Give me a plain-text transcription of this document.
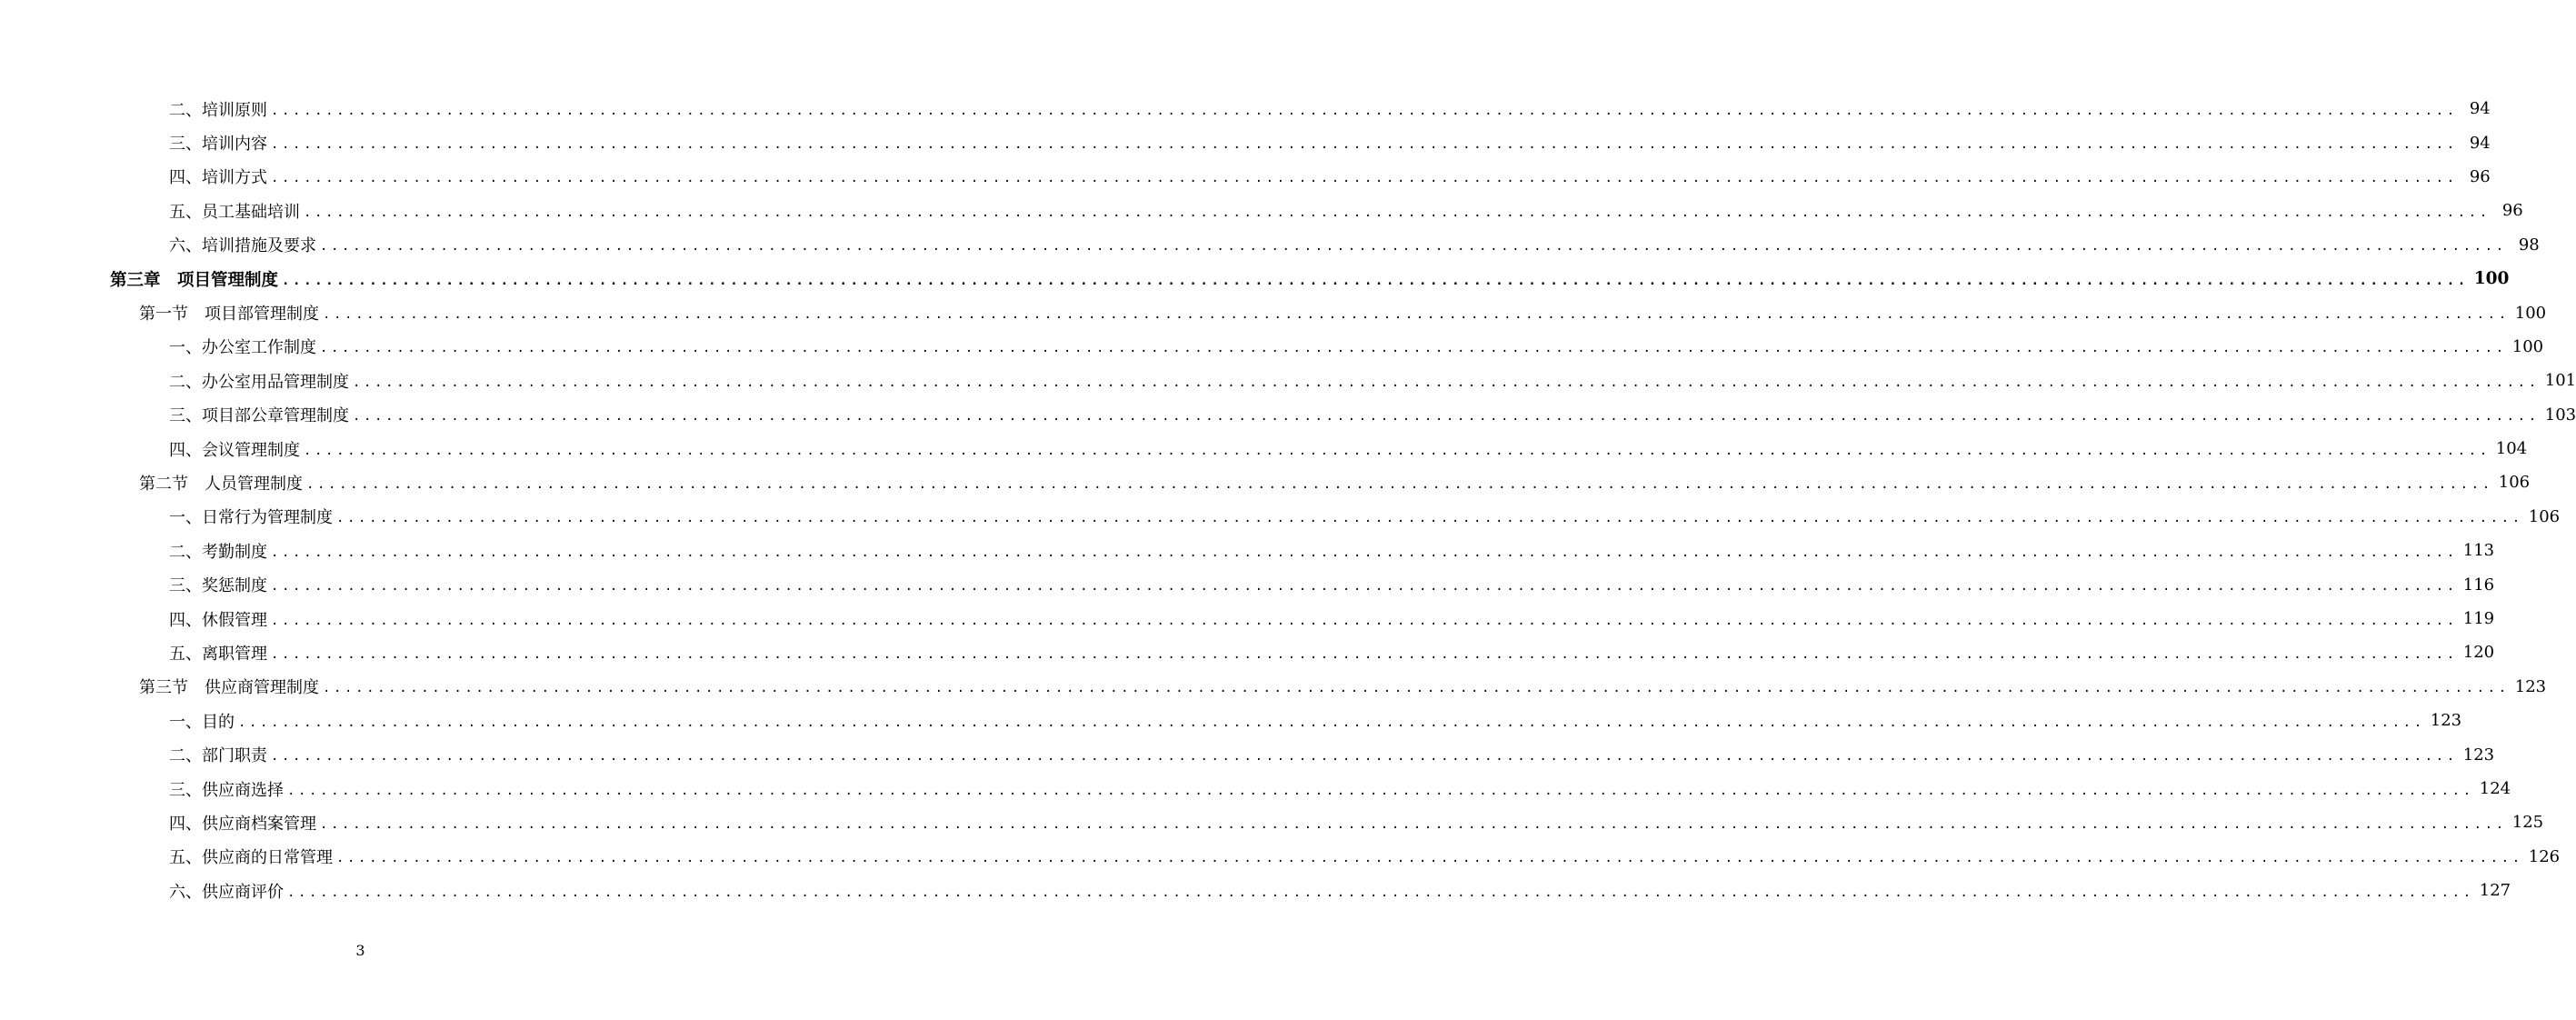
二、培训原则 ........................................................................................................................................................................................................ 94
三、培训内容 ........................................................................................................................................................................................................ 94
四、培训方式 ........................................................................................................................................................................................................ 96
五、员工基础培训 ........................................................................................................................................................................................................ 96
六、培训措施及要求 ........................................................................................................................................................................................................ 98
第三章　项目管理制度 ........................................................................................................................................................................................................ 100
第一节　项目部管理制度 ........................................................................................................................................................................................................ 100
一、办公室工作制度 ........................................................................................................................................................................................................ 100
二、办公室用品管理制度 ........................................................................................................................................................................................................ 101
三、项目部公章管理制度 ........................................................................................................................................................................................................ 103
四、会议管理制度 ........................................................................................................................................................................................................ 104
第二节　人员管理制度 ........................................................................................................................................................................................................ 106
一、日常行为管理制度 ........................................................................................................................................................................................................ 106
二、考勤制度 ........................................................................................................................................................................................................ 113
三、奖惩制度 ........................................................................................................................................................................................................ 116
四、休假管理 ........................................................................................................................................................................................................ 119
五、离职管理 ........................................................................................................................................................................................................ 120
第三节　供应商管理制度 ........................................................................................................................................................................................................ 123
一、目的 ........................................................................................................................................................................................................ 123
二、部门职责 ........................................................................................................................................................................................................ 123
三、供应商选择 ........................................................................................................................................................................................................ 124
四、供应商档案管理 ........................................................................................................................................................................................................ 125
五、供应商的日常管理 ........................................................................................................................................................................................................ 126
六、供应商评价 ........................................................................................................................................................................................................ 127
3
